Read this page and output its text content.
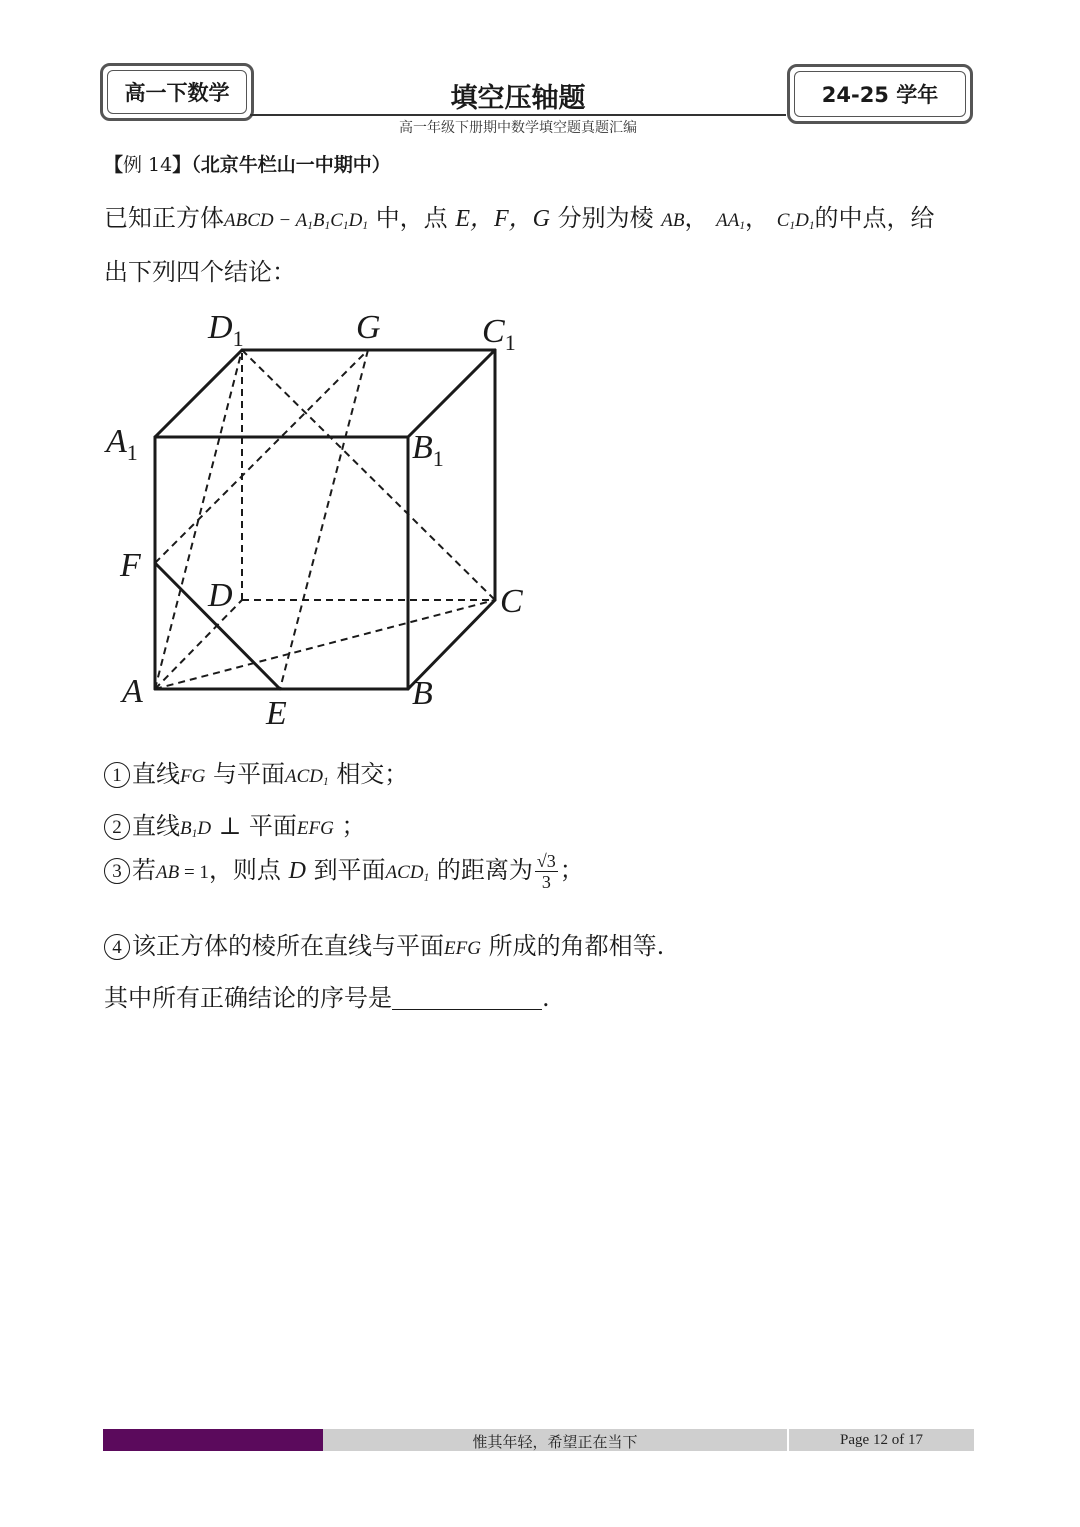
高一下数学	填空压轴题	24-25 学年
高一年级下册期中数学填空题真题汇编
【例 14】（北京牛栏山一中期中）
已知正方体ABCD − $A_1B_1C_1D_1$ 中，点 E，F，G 分别为棱 AB， $AA_1$， $C_1D_1$的中点，给
出下列四个结论：
$D_1$	G	$C_1$
$A_1$	$B_1$
F
D	C
A
E
B
1 直线FG 与平面$ACD_1$ 相交；
2 直线$B_1D$ ⊥ 平面EFG ；
3 若AB = 1，则点 D 到平面$ACD_1$ 的距离为 $\frac{√3}{3}$ ；
4 该正方体的棱所在直线与平面EFG 所成的角都相等.
其中所有正确结论的序号是	.
惟其年轻，希望正在当下	Page 12 of 17
